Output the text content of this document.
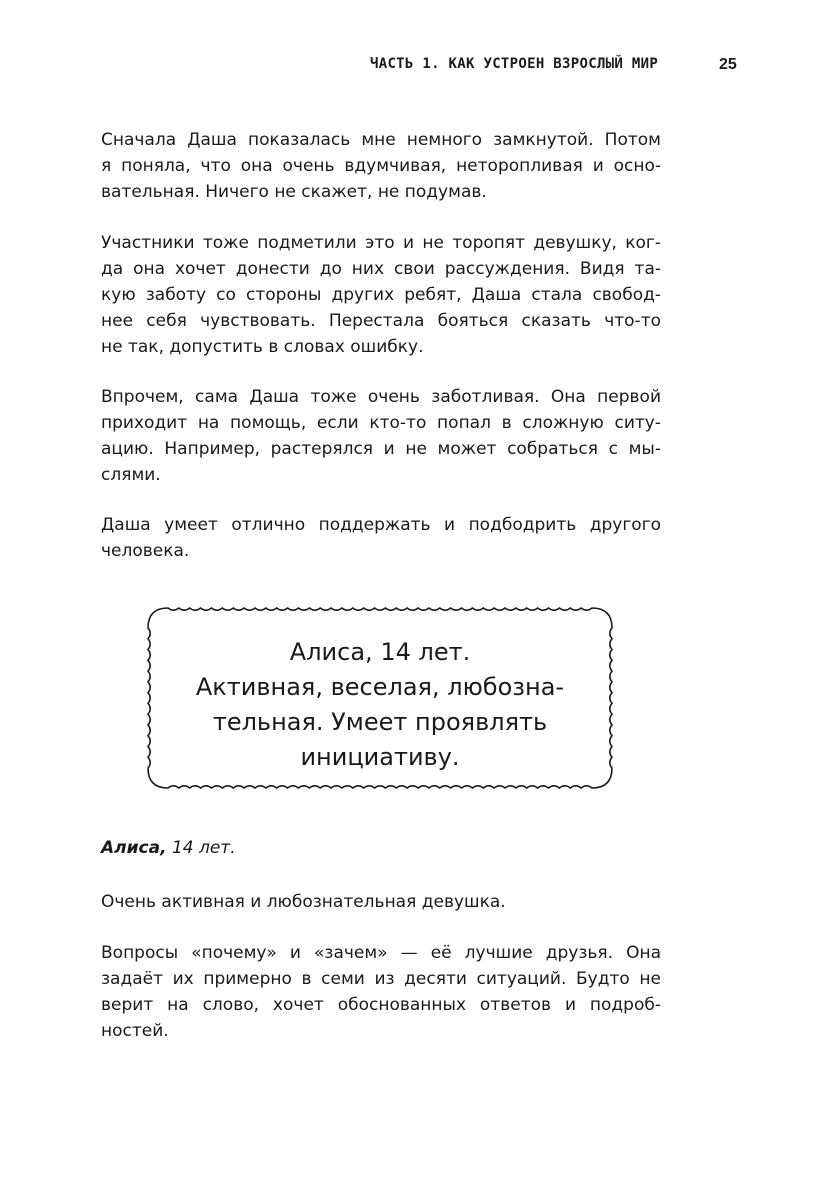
ЧАСТЬ 1. КАК УСТРОЕН ВЗРОСЛЫЙ МИР	25

Сначала Даша показалась мне немного замкнутой. Потом
я поняла, что она очень вдумчивая, неторопливая и осно-
вательная. Ничего не скажет, не подумав.

Участники тоже подметили это и не торопят девушку, ког-
да она хочет донести до них свои рассуждения. Видя та-
кую заботу со стороны других ребят, Даша стала свобод-
нее себя чувствовать. Перестала бояться сказать что-то
не так, допустить в словах ошибку.

Впрочем, сама Даша тоже очень заботливая. Она первой
приходит на помощь, если кто-то попал в сложную ситу-
ацию. Например, растерялся и не может собраться с мы-
слями.

Даша умеет отлично поддержать и подбодрить другого
человека.

Алиса, 14 лет.
Активная, веселая, любозна-
тельная. Умеет проявлять
инициативу.
Алиса, 14 лет.

Очень активная и любознательная девушка.

Вопросы «почему» и «зачем» — её лучшие друзья. Она
задаёт их примерно в семи из десяти ситуаций. Будто не
верит на слово, хочет обоснованных ответов и подроб-
ностей.
